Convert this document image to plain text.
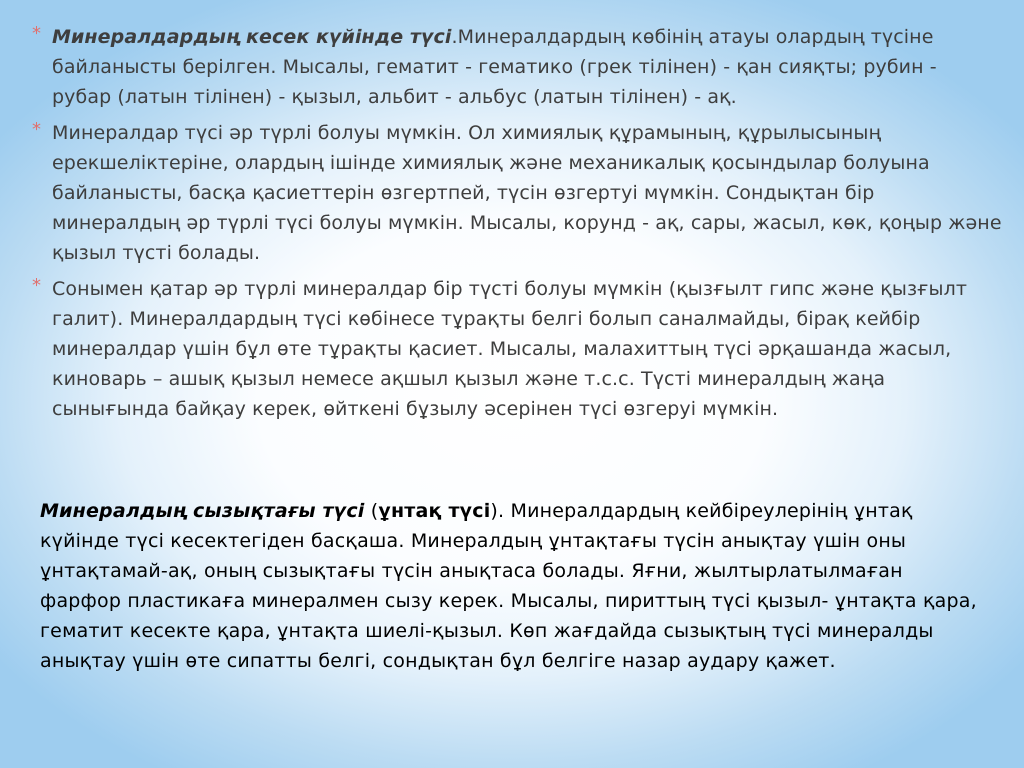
* Минералдардың кесек күйінде түсі.Минералдардың көбінің атауы олардың түсіне байланысты берілген. Мысалы, гематит - гематико (грек тілінен) - қан сияқты; рубин - рубар (латын тілінен) - қызыл, альбит - альбус (латын тілінен) - ақ.
* Минералдар түсі әр түрлі болуы мүмкін. Ол химиялық құрамының, құрылысының ерекшеліктеріне, олардың ішінде химиялық және механикалық қосындылар болуына байланысты, басқа қасиеттерін өзгертпей, түсін өзгертуі мүмкін. Сондықтан бір минералдың әр түрлі түсі болуы мүмкін. Мысалы, корунд - ақ, сары, жасыл, көк, қоңыр және қызыл түсті болады.
* Сонымен қатар әр түрлі минералдар бір түсті болуы мүмкін (қызғылт гипс және қызғылт галит). Минералдардың түсі көбінесе тұрақты белгі болып саналмайды, бірақ кейбір минералдар үшін бұл өте тұрақты қасиет. Мысалы, малахиттың түсі әрқашанда жасыл, киноварь – ашық қызыл немесе ақшыл қызыл және т.с.с. Түсті минералдың жаңа сынығында байқау керек, өйткені бұзылу әсерінен түсі өзгеруі мүмкін.
Минералдың сызықтағы түсі (ұнтақ түсі). Минералдардың кейбіреулерінің ұнтақ күйінде түсі кесектегіден басқаша. Минералдың ұнтақтағы түсін анықтау үшін оны ұнтақтамай-ақ, оның сызықтағы түсін анықтаса болады. Яғни, жылтырлатылмаған фарфор пластикаға минералмен сызу керек. Мысалы, пириттың түсі қызыл- ұнтақта қара, гематит кесекте қара, ұнтақта шиелі-қызыл. Көп жағдайда сызықтың түсі минералды анықтау үшін өте сипатты белгі, сондықтан бұл белгіге назар аудару қажет.
